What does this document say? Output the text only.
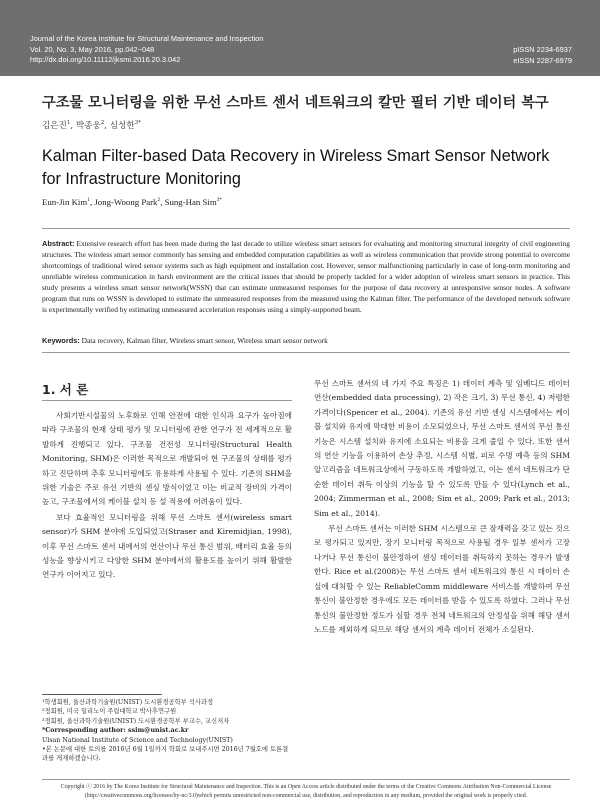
Journal of the Korea Institute for Structural Maintenance and Inspection
Vol. 20, No. 3, May 2016, pp.042~048
http://dx.doi.org/10.11112/jksmi.2016.20.3.042
pISSN 2234-6937
eISSN 2287-6979
구조물 모니터링을 위한 무선 스마트 센서 네트워크의 칼만 필터 기반 데이터 복구
김은진$^1$, 박종웅$^2$, 심성한$^{3*}$
Kalman Filter-based Data Recovery in Wireless Smart Sensor Network for Infrastructure Monitoring
Eun-Jin Kim$^1$, Jong-Woong Park$^2$, Sung-Han Sim$^{3*}$
Abstract: Extensive research effort has been made during the last decade to utilize wireless smart sensors for evaluating and monitoring structural integrity of civil engineering structures. The wireless smart sensor commonly has sensing and embedded computation capabilities as well as wireless communication that provide strong potential to overcome shortcomings of traditional wired sensor systems such as high equipment and installation cost. However, sensor malfunctioning particularly in case of long-term monitoring and unreliable wireless communication in harsh environment are the critical issues that should be properly tackled for a wider adoption of wireless smart sensors in practice. This study presents a wireless smart sensor network(WSSN) that can estimate unmeasured responses for the purpose of data recovery at unresponsive sensor nodes. A software program that runs on WSSN is developed to estimate the unmeasured responses from the measured using the Kalman filter. The performance of the developed network software is experimentally verified by estimating unmeasured acceleration responses using a simply-supported beam.
Keywords: Data recovery, Kalman filter, Wireless smart sensor, Wireless smart sensor network
1. 서 론

사회기반시설물의 노후화로 인해 안전에 대한 인식과 요구가 높아짐에 따라 구조물의 현재 상태 평가 및 모니터링에 관한 연구가 전 세계적으로 활발하게 진행되고 있다. 구조물 건전성 모니터링(Structural Health Monitoring, SHM)은 이러한 목적으로 개발되어 현 구조물의 상태를 평가하고 진단하며 추후 모니터링에도 유용하게 사용될 수 있다. 기존의 SHM을 위한 기술은 주로 유선 기반의 센싱 방식이었고 이는 비교적 장비의 가격이 높고, 구조물에서의 케이블 설치 등 설 적용에 어려움이 있다.

보다 효율적인 모니터링을 위해 무선 스마트 센서(wireless smart sensor)가 SHM 분야에 도입되었고(Straser and Kiremidjian, 1998), 이후 무선 스마트 센서 내에서의 연산이나 무선 통신 범위, 배터리 효율 등의 성능을 향상시키고 다양한 SHM 분야에서의 활용도를 높이기 위해 활발한 연구가 이어지고 있다.

무선 스마트 센서의 네 가지 주요 특징은 1) 데이터 계측 및 임베디드 데이터 연산(embedded data processing), 2) 작은 크기, 3) 무선 통신, 4) 저렴한 가격이다(Spencer et al., 2004). 기존의 유선 기반 센싱 시스템에서는 케이블 설치와 유지에 막대한 비용이 소모되었으나, 무선 스마트 센서의 무선 통신 기능은 시스템 설치와 유지에 소요되는 비용을 크게 줄일 수 있다. 또한 센서의 연산 기능을 이용하여 손상 추정, 시스템 식별, 피로 수명 예측 등의 SHM 알고리즘을 네트워크상에서 구동하도록 개발하였고, 이는 센서 네트워크가 단순한 데이터 취득 이상의 기능을 할 수 있도록 만들 수 있다(Lynch et al., 2004; Zimmerman et al., 2008; Sim et al., 2009; Park et al., 2013; Sim et al., 2014).

무선 스마트 센서는 이러한 SHM 시스템으로 큰 잠재력을 갖고 있는 것으로 평가되고 있지만, 장기 모니터링 목적으로 사용될 경우 일부 센서가 고장 나거나 무선 통신이 불안정하여 센싱 데이터를 취득하지 못하는 경우가 발생한다. Rice et al.(2008)는 무선 스마트 센서 네트워크의 통신 시 데이터 손실에 대처할 수 있는 ReliableComm middleware 서비스를 개발하여 무선 통신이 불안정한 경우에도 모든 데이터를 받을 수 있도록 하였다. 그러나 무선 통신의 불안정한 정도가 심할 경우 전체 네트워크의 안정성을 위해 해당 센서 노드를 제외하게 되므로 해당 센서의 계측 데이터 전체가 소실된다.

¹학생회원, 울산과학기술원(UNIST) 도시환경공학부 석사과정
²정회원, 미국 일리노이 주립대학교 박사후연구원
³정회원, 울산과학기술원(UNIST) 도시환경공학부 부교수, 교신저자
*Corresponding author: ssim@unist.ac.kr
Ulsan National Institute of Science and Technology(UNIST)
•본 논문에 대한 토의를 2016년 6월 1일까지 학회로 보내주시면 2016년 7월호에 토론결과를 게재하겠습니다.
Copyright ⓒ 2016 by The Korea Institute for Structural Maintenance and Inspection. This is an Open Access article distributed under the terms of the Creative Commons Attribution Non-Commercial License (http://creativecommons.org/licenses/by-nc/3.0)which permits unrestricted non-commercial use, distribution, and reproduction in any medium, provided the original work is properly cited.
